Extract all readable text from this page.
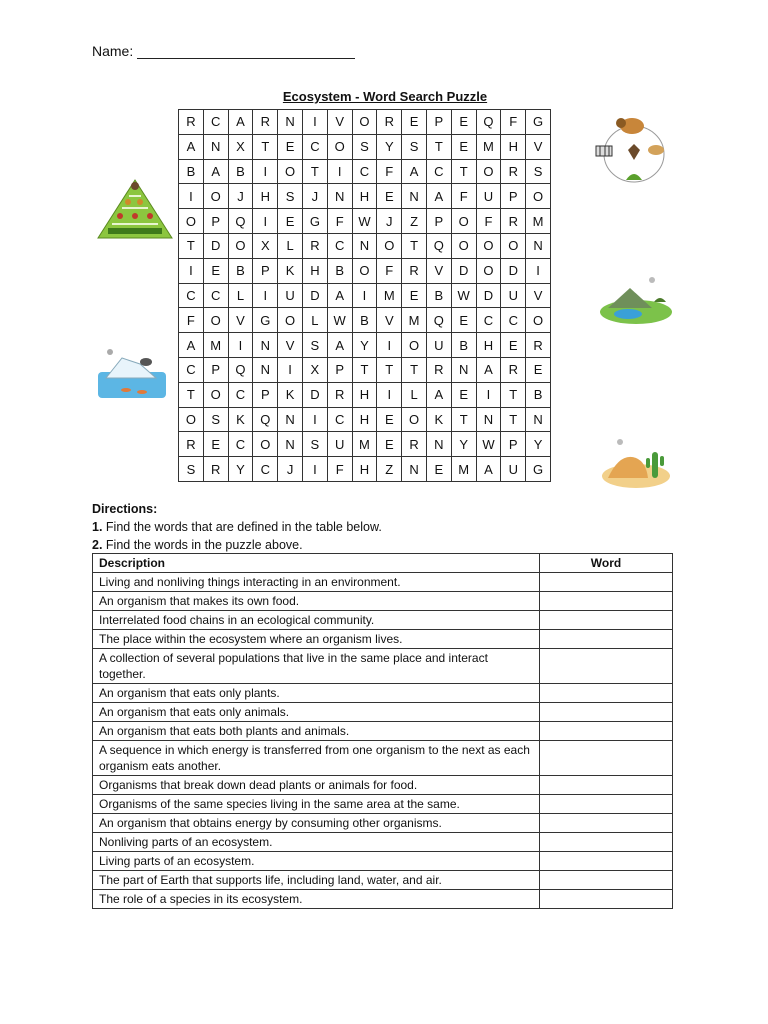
Name:
Ecosystem - Word Search Puzzle
R	C	A	R	N	I	V	O	R	E	P	E	Q	F	G
A	N	X	T	E	C	O	S	Y	S	T	E	M	H	V
B	A	B	I	O	T	I	C	F	A	C	T	O	R	S
I	O	J	H	S	J	N	H	E	N	A	F	U	P	O
O	P	Q	I	E	G	F	W	J	Z	P	O	F	R	M
T	D	O	X	L	R	C	N	O	T	Q	O	O	O	N
I	E	B	P	K	H	B	O	F	R	V	D	O	D	I
C	C	L	I	U	D	A	I	M	E	B	W	D	U	V
F	O	V	G	O	L	W	B	V	M	Q	E	C	C	O
A	M	I	N	V	S	A	Y	I	O	U	B	H	E	R
C	P	Q	N	I	X	P	T	T	T	R	N	A	R	E
T	O	C	P	K	D	R	H	I	L	A	E	I	T	B
O	S	K	Q	N	I	C	H	E	O	K	T	N	T	N
R	E	C	O	N	S	U	M	E	R	N	Y	W	P	Y
S	R	Y	C	J	I	F	H	Z	N	E	M	A	U	G
Directions:
1. Find the words that are defined in the table below.
2. Find the words in the puzzle above.
Description	Word
Living and nonliving things interacting in an environment.	
An organism that makes its own food.	
Interrelated food chains in an ecological community.	
The place within the ecosystem where an organism lives.	
A collection of several populations that live in the same place and interact together.	
An organism that eats only plants.	
An organism that eats only animals.	
An organism that eats both plants and animals.	
A sequence in which energy is transferred from one organism to the next as each organism eats another.	
Organisms that break down dead plants or animals for food.	
Organisms of the same species living in the same area at the same.	
An organism that obtains energy by consuming other organisms.	
Nonliving parts of an ecosystem.	
Living parts of an ecosystem.	
The part of Earth that supports life, including land, water, and air.	
The role of a species in its ecosystem.	
